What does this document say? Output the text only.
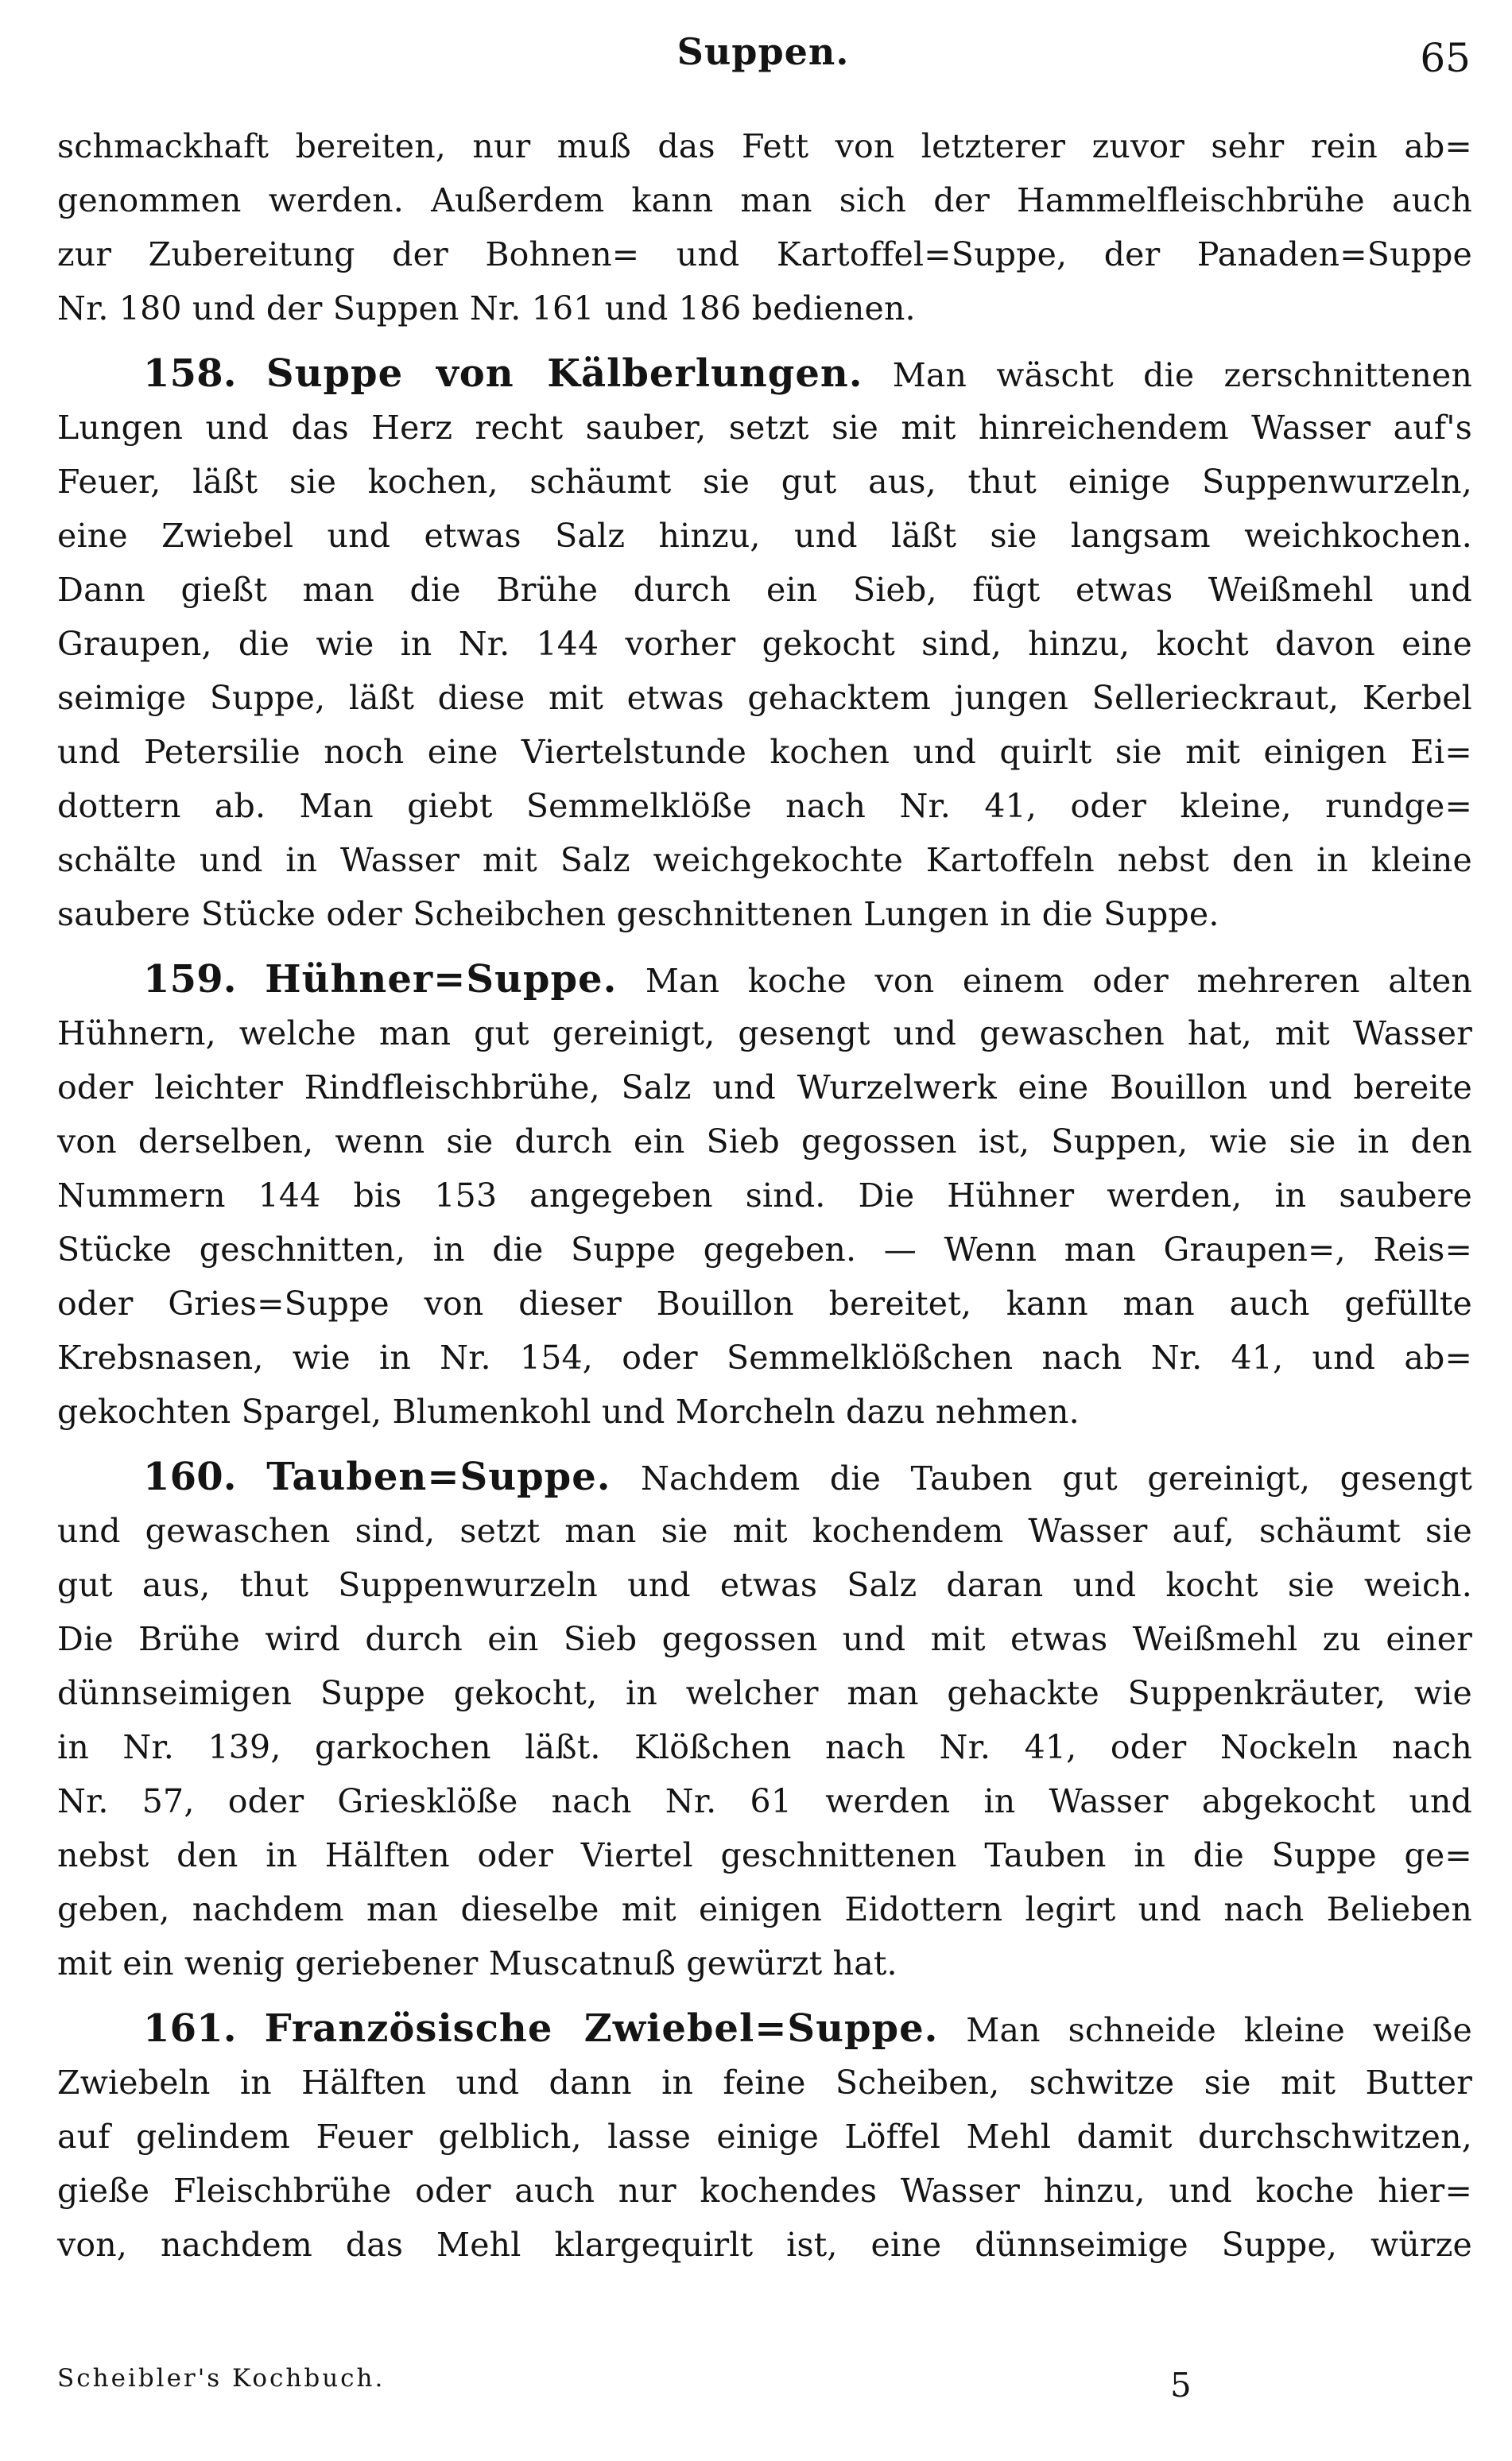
Suppen.	65
schmackhaft bereiten, nur muß das Fett von letzterer zuvor sehr rein ab=
genommen werden. Außerdem kann man sich der Hammelfleischbrühe auch
zur Zubereitung der Bohnen= und Kartoffel=Suppe, der Panaden=Suppe
Nr. 180 und der Suppen Nr. 161 und 186 bedienen.
158. Suppe von Kälberlungen. Man wäscht die zerschnittenen
Lungen und das Herz recht sauber, setzt sie mit hinreichendem Wasser auf's
Feuer, läßt sie kochen, schäumt sie gut aus, thut einige Suppenwurzeln,
eine Zwiebel und etwas Salz hinzu, und läßt sie langsam weichkochen.
Dann gießt man die Brühe durch ein Sieb, fügt etwas Weißmehl und
Graupen, die wie in Nr. 144 vorher gekocht sind, hinzu, kocht davon eine
seimige Suppe, läßt diese mit etwas gehacktem jungen Sellerieckraut, Kerbel
und Petersilie noch eine Viertelstunde kochen und quirlt sie mit einigen Ei=
dottern ab. Man giebt Semmelklöße nach Nr. 41, oder kleine, rundge=
schälte und in Wasser mit Salz weichgekochte Kartoffeln nebst den in kleine
saubere Stücke oder Scheibchen geschnittenen Lungen in die Suppe.
159. Hühner=Suppe. Man koche von einem oder mehreren alten
Hühnern, welche man gut gereinigt, gesengt und gewaschen hat, mit Wasser
oder leichter Rindfleischbrühe, Salz und Wurzelwerk eine Bouillon und bereite
von derselben, wenn sie durch ein Sieb gegossen ist, Suppen, wie sie in den
Nummern 144 bis 153 angegeben sind. Die Hühner werden, in saubere
Stücke geschnitten, in die Suppe gegeben. — Wenn man Graupen=, Reis=
oder Gries=Suppe von dieser Bouillon bereitet, kann man auch gefüllte
Krebsnasen, wie in Nr. 154, oder Semmelklößchen nach Nr. 41, und ab=
gekochten Spargel, Blumenkohl und Morcheln dazu nehmen.
160. Tauben=Suppe. Nachdem die Tauben gut gereinigt, gesengt
und gewaschen sind, setzt man sie mit kochendem Wasser auf, schäumt sie
gut aus, thut Suppenwurzeln und etwas Salz daran und kocht sie weich.
Die Brühe wird durch ein Sieb gegossen und mit etwas Weißmehl zu einer
dünnseimigen Suppe gekocht, in welcher man gehackte Suppenkräuter, wie
in Nr. 139, garkochen läßt. Klößchen nach Nr. 41, oder Nockeln nach
Nr. 57, oder Griesklöße nach Nr. 61 werden in Wasser abgekocht und
nebst den in Hälften oder Viertel geschnittenen Tauben in die Suppe ge=
geben, nachdem man dieselbe mit einigen Eidottern legirt und nach Belieben
mit ein wenig geriebener Muscatnuß gewürzt hat.
161. Französische Zwiebel=Suppe. Man schneide kleine weiße
Zwiebeln in Hälften und dann in feine Scheiben, schwitze sie mit Butter
auf gelindem Feuer gelblich, lasse einige Löffel Mehl damit durchschwitzen,
gieße Fleischbrühe oder auch nur kochendes Wasser hinzu, und koche hier=
von, nachdem das Mehl klargequirlt ist, eine dünnseimige Suppe, würze
Scheibler's Kochbuch.	5
